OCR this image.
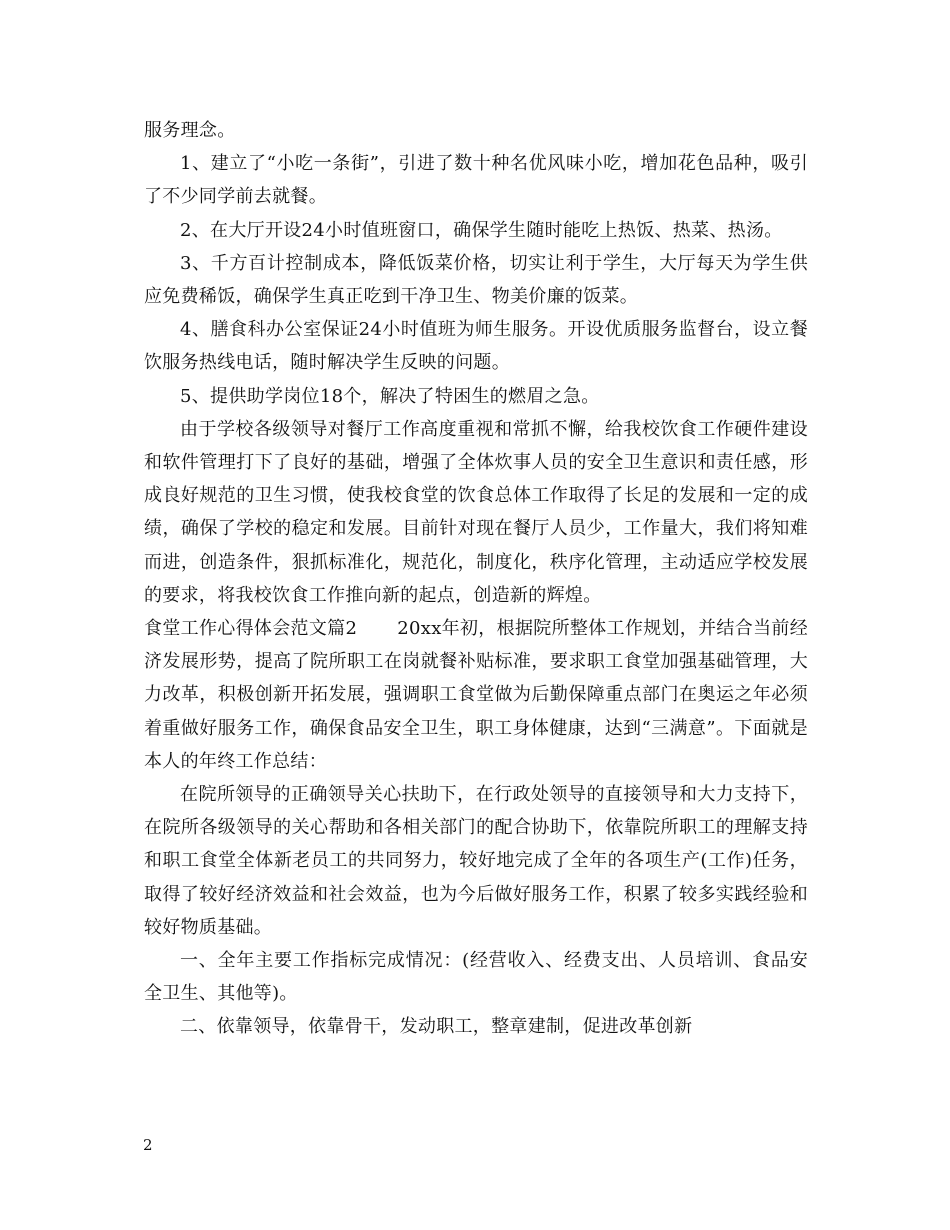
服务理念。

1、建立了“小吃一条街”，引进了数十种名优风味小吃，增加花色品种，吸引了不少同学前去就餐。

2、在大厅开设24小时值班窗口，确保学生随时能吃上热饭、热菜、热汤。

3、千方百计控制成本，降低饭菜价格，切实让利于学生，大厅每天为学生供应免费稀饭，确保学生真正吃到干净卫生、物美价廉的饭菜。

4、膳食科办公室保证24小时值班为师生服务。开设优质服务监督台，设立餐饮服务热线电话，随时解决学生反映的问题。

5、提供助学岗位18个，解决了特困生的燃眉之急。

由于学校各级领导对餐厅工作高度重视和常抓不懈，给我校饮食工作硬件建设和软件管理打下了良好的基础，增强了全体炊事人员的安全卫生意识和责任感，形成良好规范的卫生习惯，使我校食堂的饮食总体工作取得了长足的发展和一定的成绩，确保了学校的稳定和发展。目前针对现在餐厅人员少，工作量大，我们将知难而进，创造条件，狠抓标准化，规范化，制度化，秩序化管理，主动适应学校发展的要求，将我校饮食工作推向新的起点，创造新的辉煌。

食堂工作心得体会范文篇2 20xx年初，根据院所整体工作规划，并结合当前经济发展形势，提高了院所职工在岗就餐补贴标准，要求职工食堂加强基础管理，大力改革，积极创新开拓发展，强调职工食堂做为后勤保障重点部门在奥运之年必须着重做好服务工作，确保食品安全卫生，职工身体健康，达到“三满意”。下面就是本人的年终工作总结：

在院所领导的正确领导关心扶助下，在行政处领导的直接领导和大力支持下，在院所各级领导的关心帮助和各相关部门的配合协助下，依靠院所职工的理解支持和职工食堂全体新老员工的共同努力，较好地完成了全年的各项生产(工作)任务，取得了较好经济效益和社会效益，也为今后做好服务工作，积累了较多实践经验和较好物质基础。

一、全年主要工作指标完成情况：(经营收入、经费支出、人员培训、食品安全卫生、其他等)。

二、依靠领导，依靠骨干，发动职工，整章建制，促进改革创新

2
